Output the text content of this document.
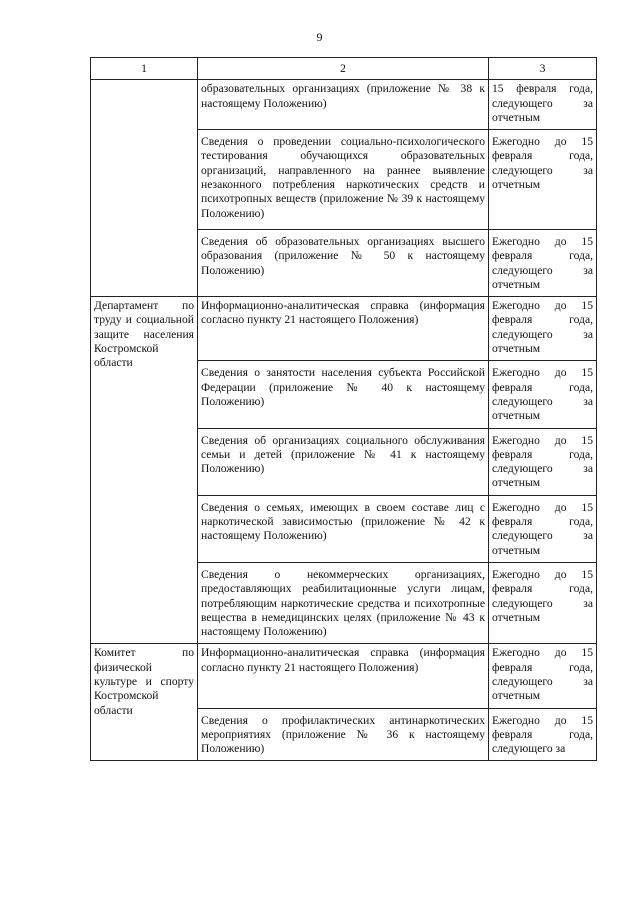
9
1	2	3
	образовательных организациях (приложение № 38 к настоящему Положению)	15 февраля года, следующего за отчетным
	Сведения о проведении социально-психологического тестирования обучающихся образовательных организаций, направленного на раннее выявление незаконного потребления наркотических средств и психотропных веществ (приложение № 39 к настоящему Положению)	Ежегодно до 15 февраля года, следующего за отчетным
	Сведения об образовательных организациях высшего образования (приложение № 50 к настоящему Положению)	Ежегодно до 15 февраля года, следующего за отчетным
Департамент по труду и социальной защите населения Костромской области	Информационно-аналитическая справка (информация согласно пункту 21 настоящего Положения)	Ежегодно до 15 февраля года, следующего за отчетным
	Сведения о занятости населения субъекта Российской Федерации (приложение № 40 к настоящему Положению)	Ежегодно до 15 февраля года, следующего за отчетным
	Сведения об организациях социального обслуживания семьи и детей (приложение № 41 к настоящему Положению)	Ежегодно до 15 февраля года, следующего за отчетным
	Сведения о семьях, имеющих в своем составе лиц с наркотической зависимостью (приложение № 42 к настоящему Положению)	Ежегодно до 15 февраля года, следующего за отчетным
	Сведения о некоммерческих организациях, предоставляющих реабилитационные услуги лицам, потребляющим наркотические средства и психотропные вещества в немедицинских целях (приложение № 43 к настоящему Положению)	Ежегодно до 15 февраля года, следующего за отчетным
Комитет по физической культуре и спорту Костромской области	Информационно-аналитическая справка (информация согласно пункту 21 настоящего Положения)	Ежегодно до 15 февраля года, следующего за отчетным
	Сведения о профилактических антинаркотических мероприятиях (приложение № 36 к настоящему Положению)	Ежегодно до 15 февраля года, следующего за
